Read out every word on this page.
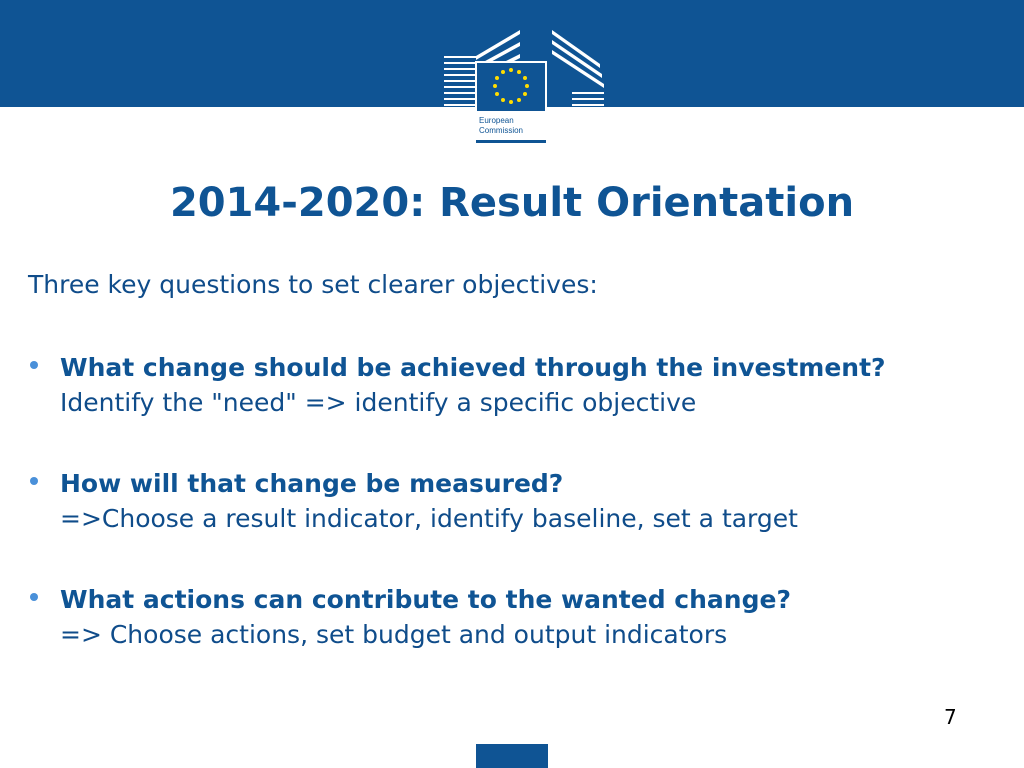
European
Commission
2014-2020: Result Orientation

Three key questions to set clearer objectives:

What change should be achieved through the investment?
Identify the "need" => identify a specific objective
How will that change be measured?
=>Choose a result indicator, identify baseline, set a target
What actions can contribute to the wanted change?
=> Choose actions, set budget and output indicators
7
